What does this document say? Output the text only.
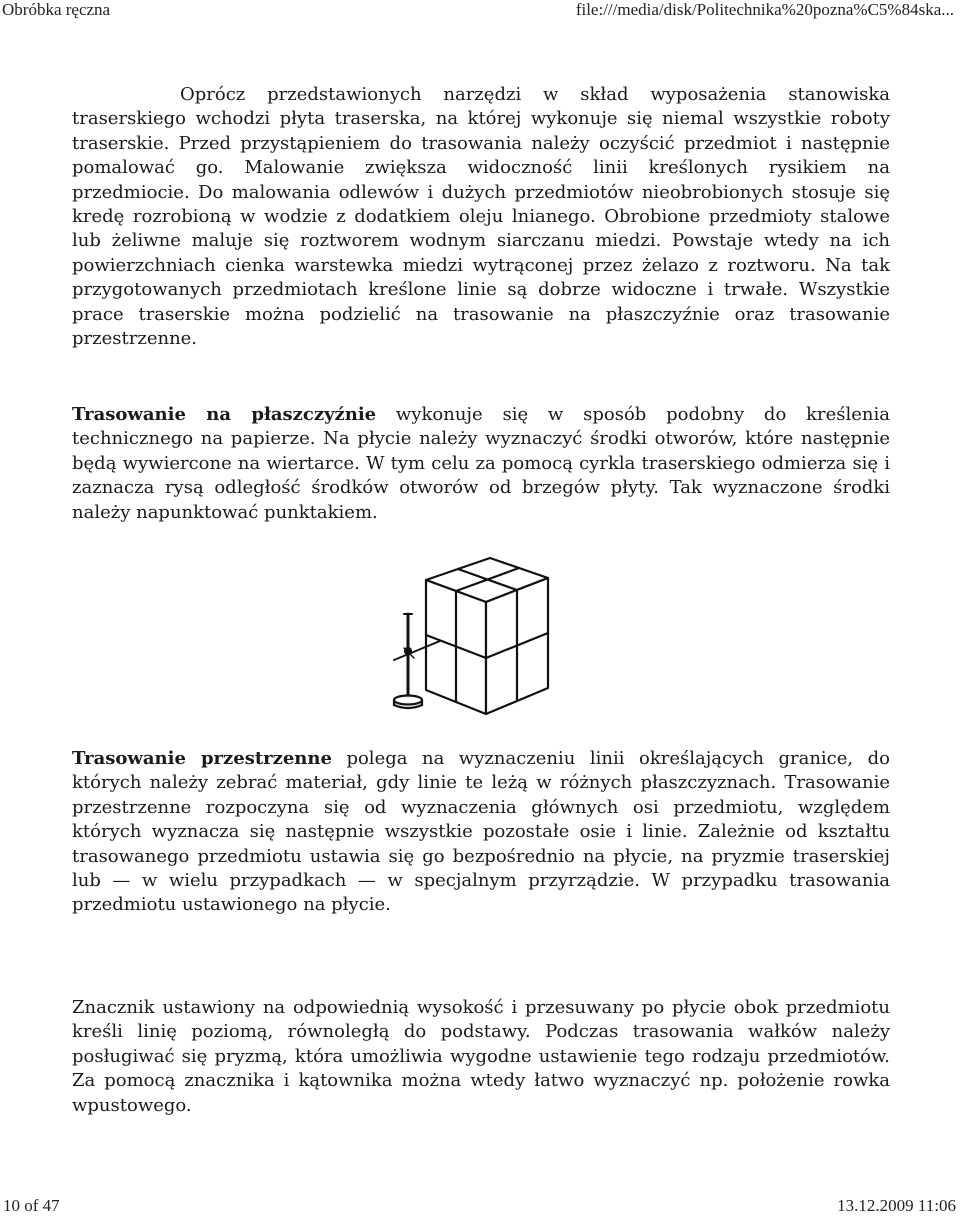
Obróbka ręczna	file:///media/disk/Politechnika%20pozna%C5%84ska...

Oprócz przedstawionych narzędzi w skład wyposażenia stanowiska traserskiego wchodzi płyta traserska, na której wykonuje się niemal wszystkie roboty traserskie. Przed przystąpieniem do trasowania należy oczyścić przedmiot i następnie pomalować go. Malowanie zwiększa widoczność linii kreślonych rysikiem na przedmiocie. Do malowania odlewów i dużych przedmiotów nieobrobionych stosuje się kredę rozrobioną w wodzie z dodatkiem oleju lnianego. Obrobione przedmioty stalowe lub żeliwne maluje się roztworem wodnym siarczanu miedzi. Powstaje wtedy na ich powierzchniach cienka warstewka miedzi wytrąconej przez żelazo z roztworu. Na tak przygotowanych przedmiotach kreślone linie są dobrze widoczne i trwałe. Wszystkie prace traserskie można podzielić na trasowanie na płaszczyźnie oraz trasowanie przestrzenne.

Trasowanie na płaszczyźnie wykonuje się w sposób podobny do kreślenia technicznego na papierze. Na płycie należy wyznaczyć środki otworów, które następnie będą wywiercone na wiertarce. W tym celu za pomocą cyrkla traserskiego odmierza się i zaznacza rysą odległość środków otworów od brzegów płyty. Tak wyznaczone środki należy napunktować punktakiem.

Trasowanie przestrzenne polega na wyznaczeniu linii określających granice, do których należy zebrać materiał, gdy linie te leżą w różnych płaszczyznach. Trasowanie przestrzenne rozpoczyna się od wyznaczenia głównych osi przedmiotu, względem których wyznacza się następnie wszystkie pozostałe osie i linie. Zależnie od kształtu trasowanego przedmiotu ustawia się go bezpośrednio na płycie, na pryzmie traserskiej lub — w wielu przypadkach — w specjalnym przyrządzie. W przypadku trasowania przedmiotu ustawionego na płycie.

Znacznik ustawiony na odpowiednią wysokość i przesuwany po płycie obok przedmiotu kreśli linię poziomą, równoległą do podstawy. Podczas trasowania wałków należy posługiwać się pryzmą, która umożliwia wygodne ustawienie tego rodzaju przedmiotów. Za pomocą znacznika i kątownika można wtedy łatwo wyznaczyć np. położenie rowka wpustowego.

10 of 47	13.12.2009 11:06
